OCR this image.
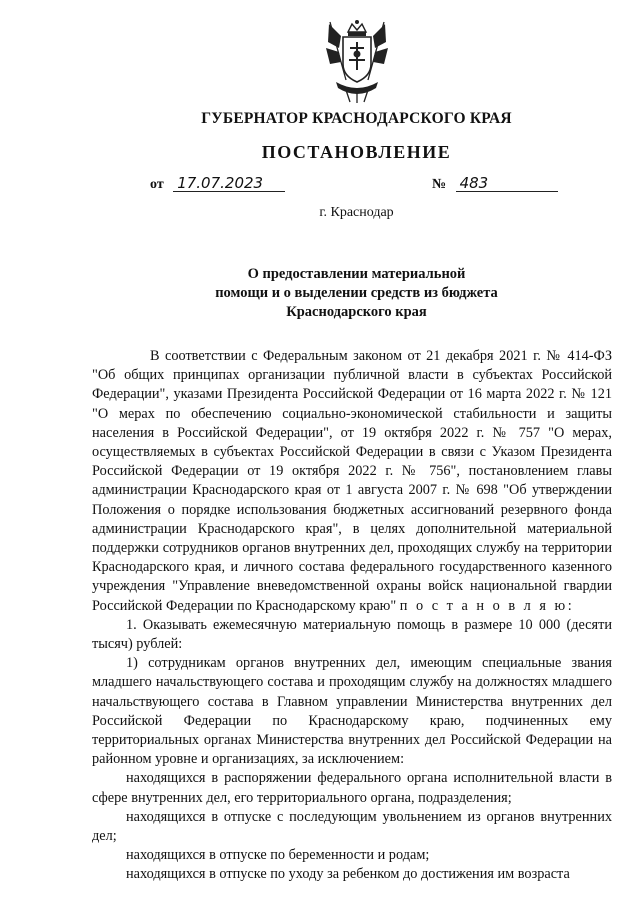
ГУБЕРНАТОР КРАСНОДАРСКОГО КРАЯ
ПОСТАНОВЛЕНИЕ
от 17.07.2023	№ 483
г. Краснодар
О предоставлении материальной
помощи и о выделении средств из бюджета
Краснодарского края

В соответствии с Федеральным законом от 21 декабря 2021 г. № 414-ФЗ "Об общих принципах организации публичной власти в субъектах Российской Федерации", указами Президента Российской Федерации от 16 марта 2022 г. № 121 "О мерах по обеспечению социально-экономической стабильности и защиты населения в Российской Федерации", от 19 октября 2022 г. № 757 "О мерах, осуществляемых в субъектах Российской Федерации в связи с Указом Президента Российской Федерации от 19 октября 2022 г. № 756", постановлением главы администрации Краснодарского края от 1 августа 2007 г. № 698 "Об утверждении Положения о порядке использования бюджетных ассигнований резервного фонда администрации Краснодарского края", в целях дополнительной материальной поддержки сотрудников органов внутренних дел, проходящих службу на территории Краснодарского края, и личного состава федерального государственного казенного учреждения "Управление вневедомственной охраны войск национальной гвардии Российской Федерации по Краснодарскому краю" п о с т а н о в л я ю:

1. Оказывать ежемесячную материальную помощь в размере 10 000 (десяти тысяч) рублей:

1) сотрудникам органов внутренних дел, имеющим специальные звания младшего начальствующего состава и проходящим службу на должностях младшего начальствующего состава в Главном управлении Министерства внутренних дел Российской Федерации по Краснодарскому краю, подчиненных ему территориальных органах Министерства внутренних дел Российской Федерации на районном уровне и организациях, за исключением:

находящихся в распоряжении федерального органа исполнительной власти в сфере внутренних дел, его территориального органа, подразделения;

находящихся в отпуске с последующим увольнением из органов внутренних дел;

находящихся в отпуске по беременности и родам;

находящихся в отпуске по уходу за ребенком до достижения им возраста
